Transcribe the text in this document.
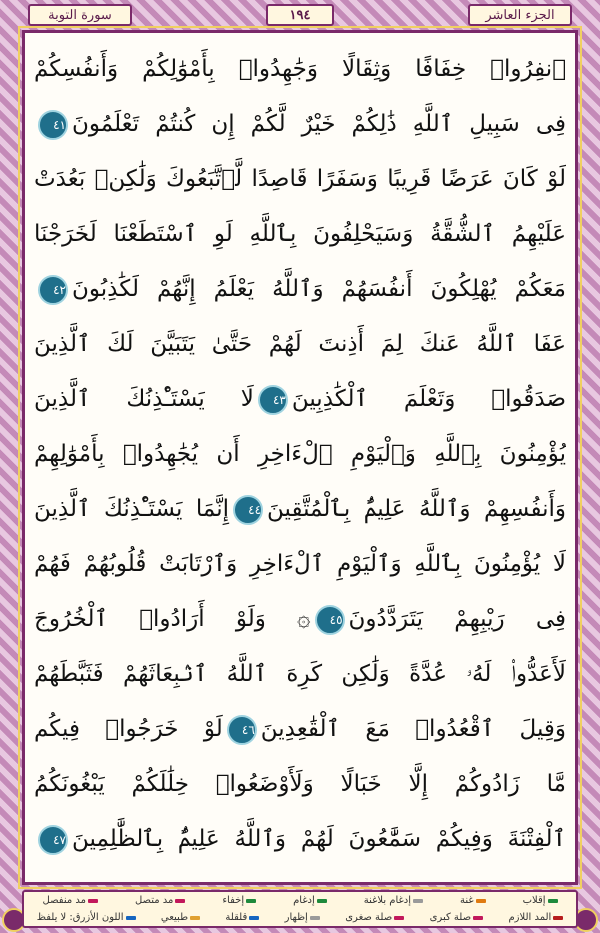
سورة التوبة	١٩٤	الجزء العاشر
ٱنفِرُوا۟ خِفَافًا وَثِقَالًا وَجَٰهِدُوا۟ بِأَمْوَٰلِكُمْ وَأَنفُسِكُمْ
فِى سَبِيلِ ٱللَّهِ ذَٰلِكُمْ خَيْرٌ لَّكُمْ إِن كُنتُمْ تَعْلَمُونَ٤١
لَوْ كَانَ عَرَضًا قَرِيبًا وَسَفَرًا قَاصِدًا لَّٱتَّبَعُوكَ وَلَٰكِنۢ بَعُدَتْ
عَلَيْهِمُ ٱلشُّقَّةُ وَسَيَحْلِفُونَ بِٱللَّهِ لَوِ ٱسْتَطَعْنَا لَخَرَجْنَا
مَعَكُمْ يُهْلِكُونَ أَنفُسَهُمْ وَٱللَّهُ يَعْلَمُ إِنَّهُمْ لَكَٰذِبُونَ٤٢
عَفَا ٱللَّهُ عَنكَ لِمَ أَذِنتَ لَهُمْ حَتَّىٰ يَتَبَيَّنَ لَكَ ٱلَّذِينَ
صَدَقُوا۟ وَتَعْلَمَ ٱلْكَٰذِبِينَ٤٣لَا يَسْتَـْٔذِنُكَ ٱلَّذِينَ
يُؤْمِنُونَ بِٱللَّهِ وَٱلْيَوْمِ ٱلْءَاخِرِ أَن يُجَٰهِدُوا۟ بِأَمْوَٰلِهِمْ
وَأَنفُسِهِمْ وَٱللَّهُ عَلِيمٌۢ بِٱلْمُتَّقِينَ٤٤إِنَّمَا يَسْتَـْٔذِنُكَ ٱلَّذِينَ
لَا يُؤْمِنُونَ بِٱللَّهِ وَٱلْيَوْمِ ٱلْءَاخِرِ وَٱرْتَابَتْ قُلُوبُهُمْ فَهُمْ
فِى رَيْبِهِمْ يَتَرَدَّدُونَ٤٥۞ وَلَوْ أَرَادُوا۟ ٱلْخُرُوجَ
لَأَعَدُّوا۟ لَهُۥ عُدَّةً وَلَٰكِن كَرِهَ ٱللَّهُ ٱنۢبِعَاثَهُمْ فَثَبَّطَهُمْ
وَقِيلَ ٱقْعُدُوا۟ مَعَ ٱلْقَٰعِدِينَ٤٦لَوْ خَرَجُوا۟ فِيكُم
مَّا زَادُوكُمْ إِلَّا خَبَالًا وَلَأَوْضَعُوا۟ خِلَٰلَكُمْ يَبْغُونَكُمُ
ٱلْفِتْنَةَ وَفِيكُمْ سَمَّٰعُونَ لَهُمْ وَٱللَّهُ عَلِيمٌۢ بِٱلظَّٰلِمِينَ٤٧
إقلاب
غنة
إدغام بلاغنة
إدغام
إخفاء
مد متصل
مد منفصل
المد اللازم
صلة كبرى
صلة صغرى
إظهار
قلقلة
طبيعي
اللون الأزرق: لا يلفظ
